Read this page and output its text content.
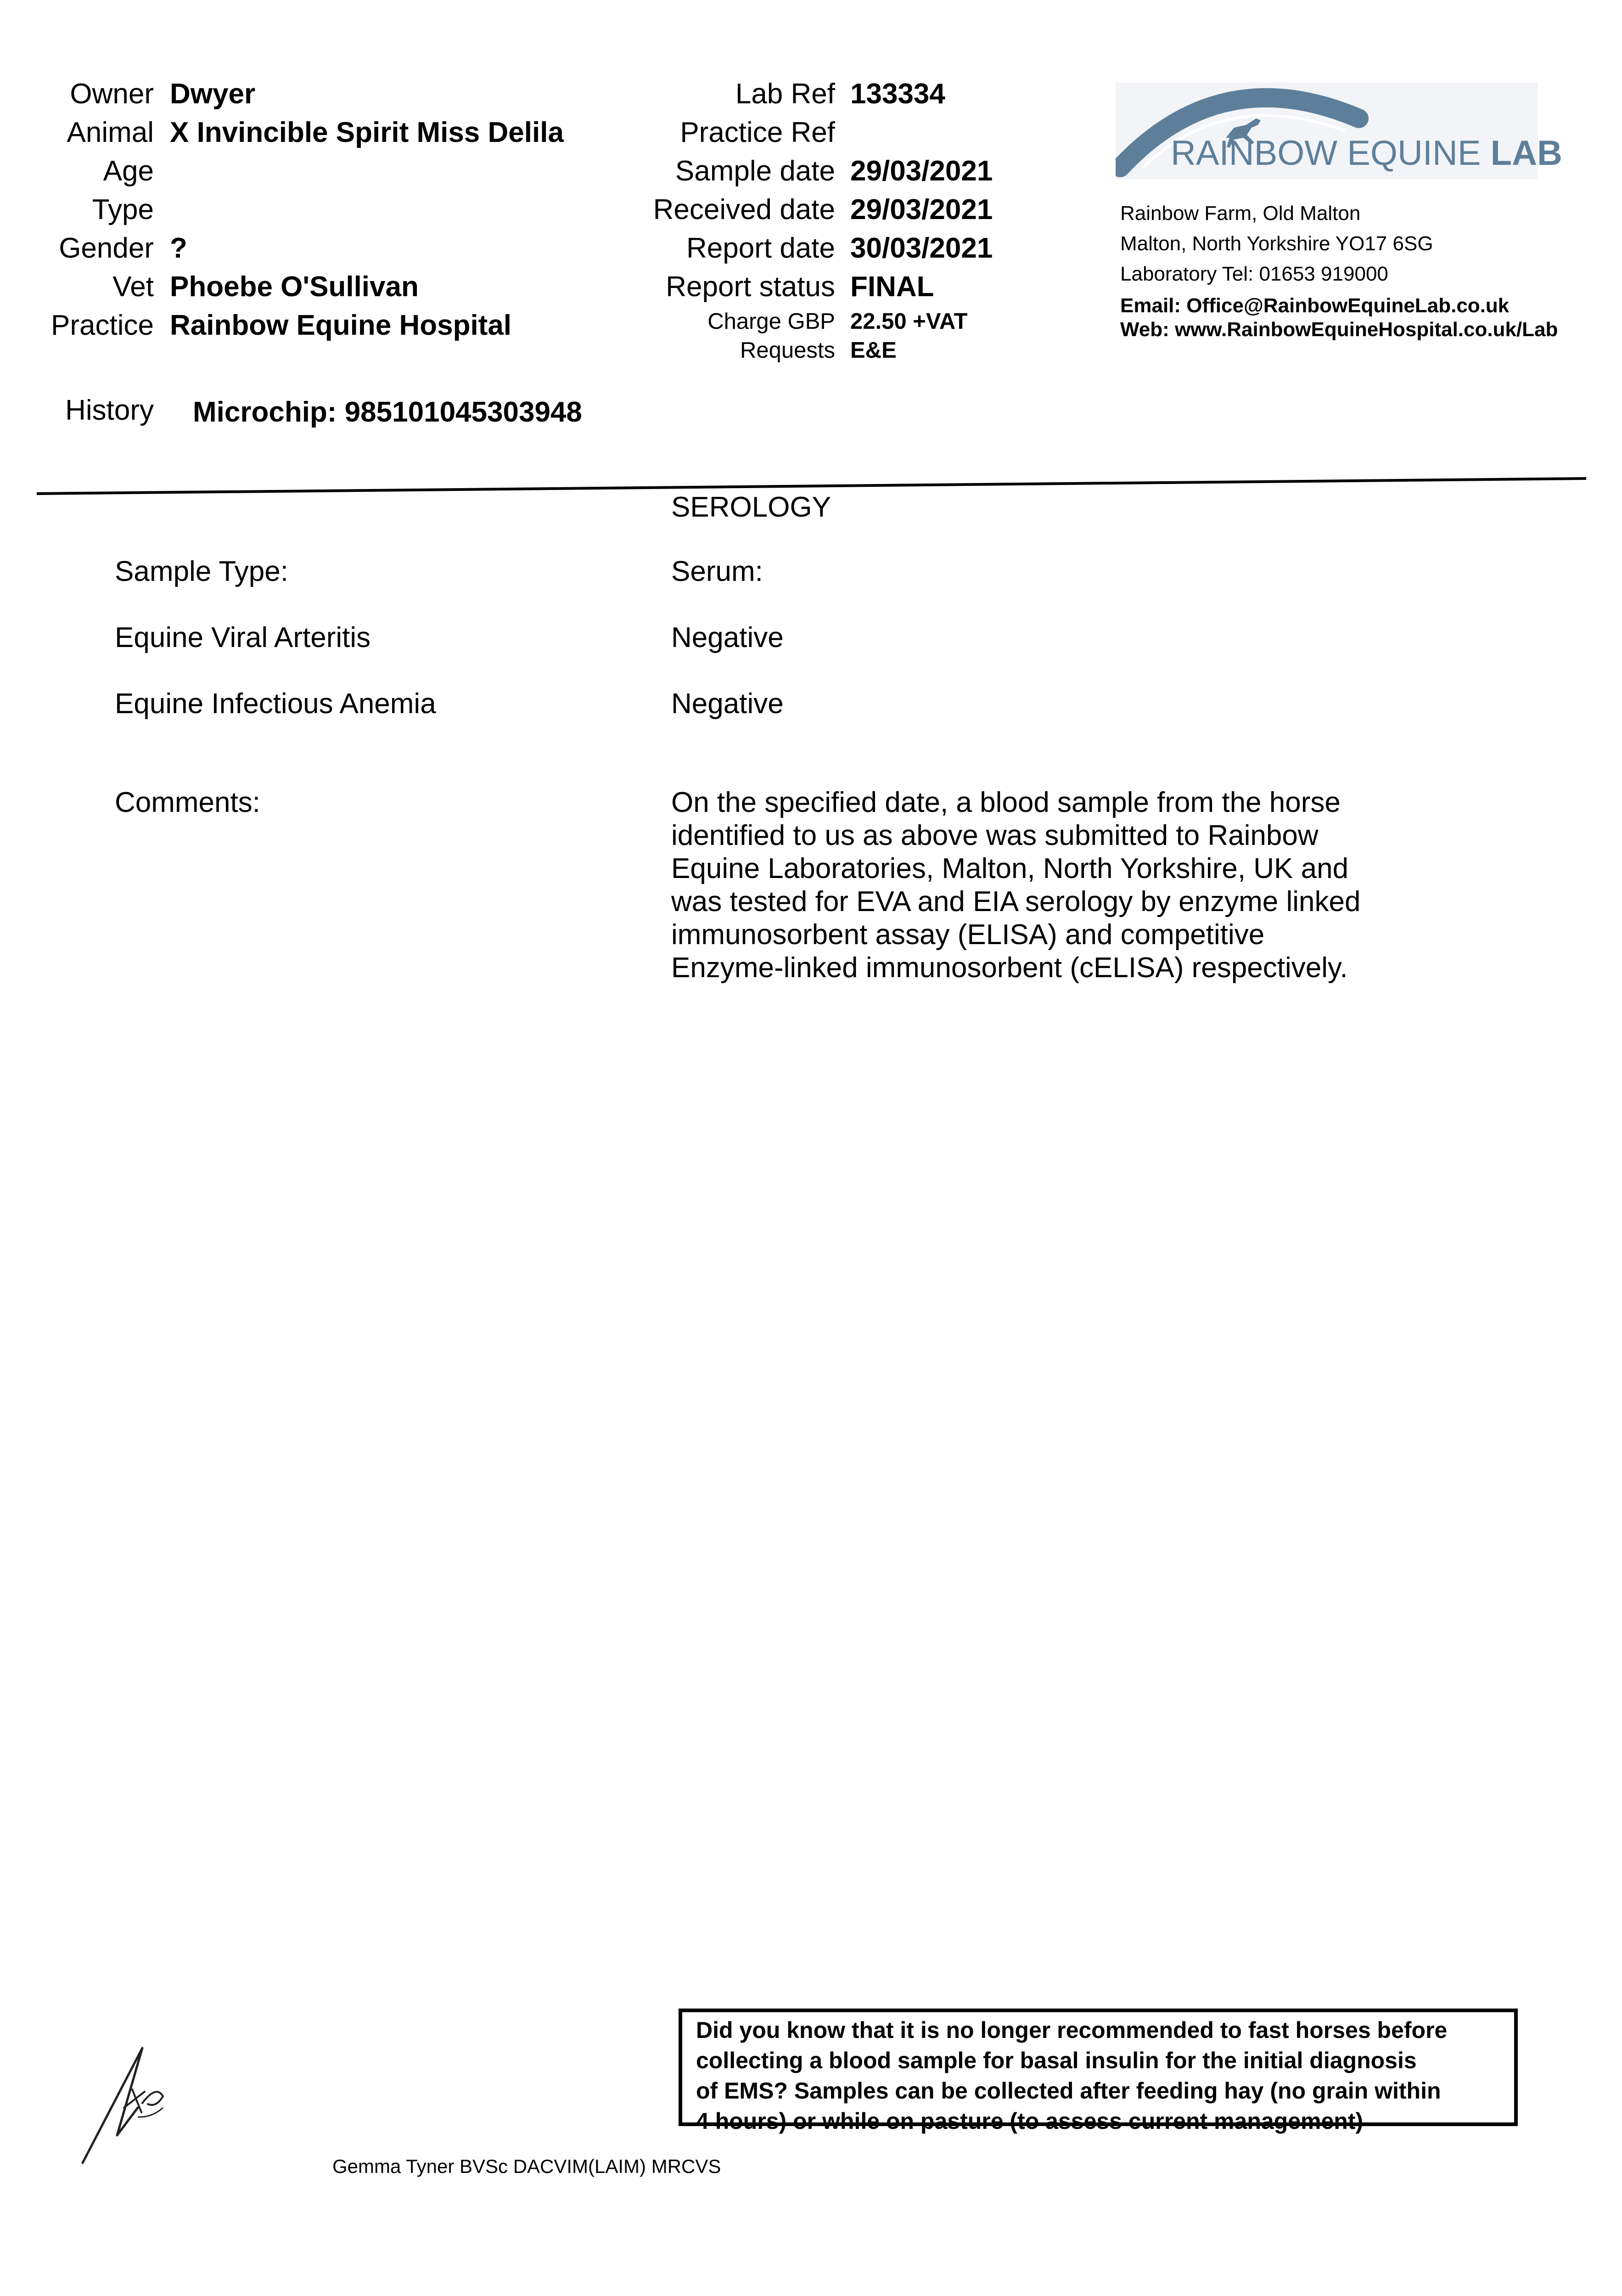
Owner Dwyer
Animal X Invincible Spirit Miss Delila
Age
Type
Gender ?
Vet Phoebe O'Sullivan
Practice Rainbow Equine Hospital
History Microchip: 985101045303948
Lab Ref 133334
Practice Ref
Sample date 29/03/2021
Received date 29/03/2021
Report date 30/03/2021
Report status FINAL
Charge GBP 22.50 +VAT
Requests E&E
RAINBOW EQUINE LAB
Rainbow Farm, Old Malton
Malton, North Yorkshire YO17 6SG
Laboratory Tel: 01653 919000
Email: Office@RainbowEquineLab.co.uk
Web: www.RainbowEquineHospital.co.uk/Lab
SEROLOGY
Sample Type:	Serum:
Equine Viral Arteritis	Negative
Equine Infectious Anemia	Negative
Comments:	On the specified date, a blood sample from the horse
identified to us as above was submitted to Rainbow
Equine Laboratories, Malton, North Yorkshire, UK and
was tested for EVA and EIA serology by enzyme linked
immunosorbent assay (ELISA) and competitive
Enzyme-linked immunosorbent (cELISA) respectively.
Did you know that it is no longer recommended to fast horses before
collecting a blood sample for basal insulin for the initial diagnosis
of EMS? Samples can be collected after feeding hay (no grain within
4 hours) or while on pasture (to assess current management)
Gemma Tyner BVSc DACVIM(LAIM) MRCVS
